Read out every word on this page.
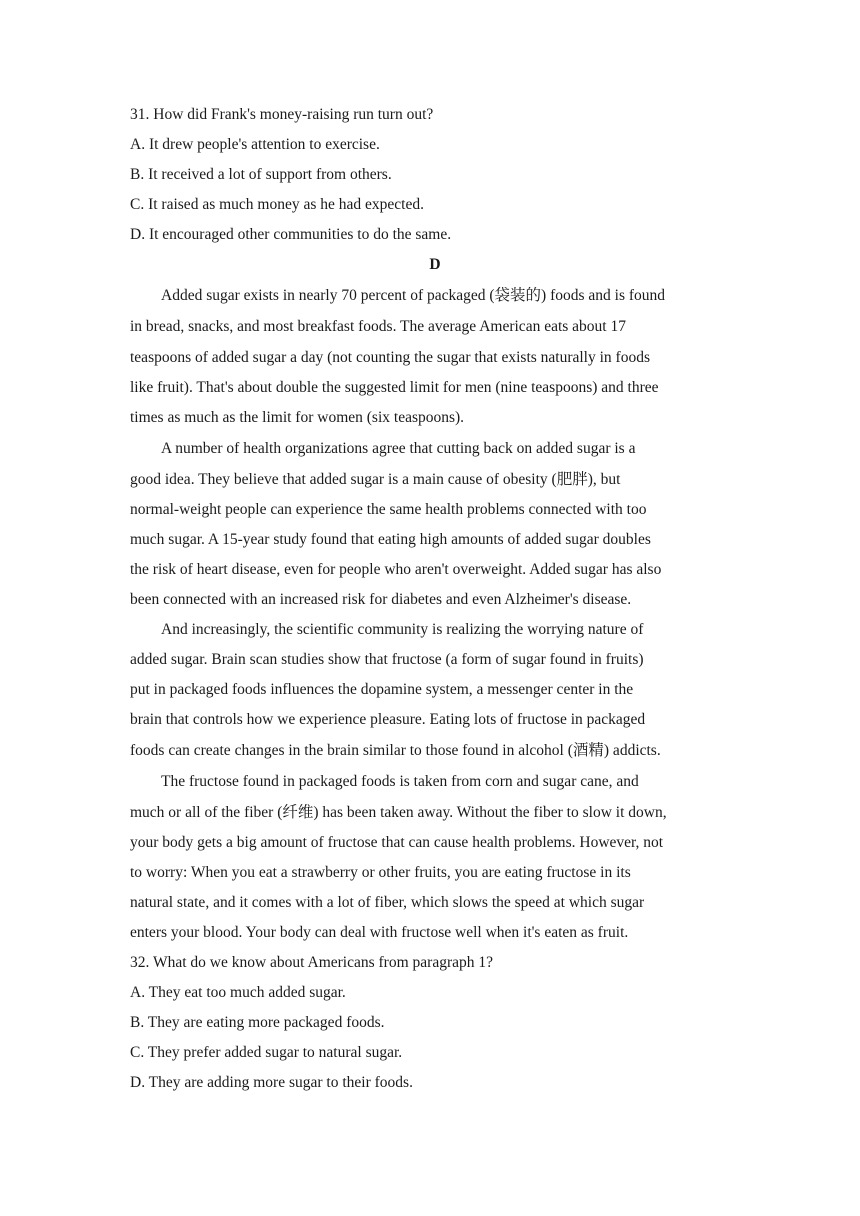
31. How did Frank's money-raising run turn out?
A. It drew people's attention to exercise.
B. It received a lot of support from others.
C. It raised as much money as he had expected.
D. It encouraged other communities to do the same.
D
Added sugar exists in nearly 70 percent of packaged (袋装的) foods and is found
in bread, snacks, and most breakfast foods. The average American eats about 17
teaspoons of added sugar a day (not counting the sugar that exists naturally in foods
like fruit). That's about double the suggested limit for men (nine teaspoons) and three
times as much as the limit for women (six teaspoons).
A number of health organizations agree that cutting back on added sugar is a
good idea. They believe that added sugar is a main cause of obesity (肥胖), but
normal-weight people can experience the same health problems connected with too
much sugar. A 15-year study found that eating high amounts of added sugar doubles
the risk of heart disease, even for people who aren't overweight. Added sugar has also
been connected with an increased risk for diabetes and even Alzheimer's disease.
And increasingly, the scientific community is realizing the worrying nature of
added sugar. Brain scan studies show that fructose (a form of sugar found in fruits)
put in packaged foods influences the dopamine system, a messenger center in the
brain that controls how we experience pleasure. Eating lots of fructose in packaged
foods can create changes in the brain similar to those found in alcohol (酒精) addicts.
The fructose found in packaged foods is taken from corn and sugar cane, and
much or all of the fiber (纤维) has been taken away. Without the fiber to slow it down,
your body gets a big amount of fructose that can cause health problems. However, not
to worry: When you eat a strawberry or other fruits, you are eating fructose in its
natural state, and it comes with a lot of fiber, which slows the speed at which sugar
enters your blood. Your body can deal with fructose well when it's eaten as fruit.
32. What do we know about Americans from paragraph 1?
A. They eat too much added sugar.
B. They are eating more packaged foods.
C. They prefer added sugar to natural sugar.
D. They are adding more sugar to their foods.
